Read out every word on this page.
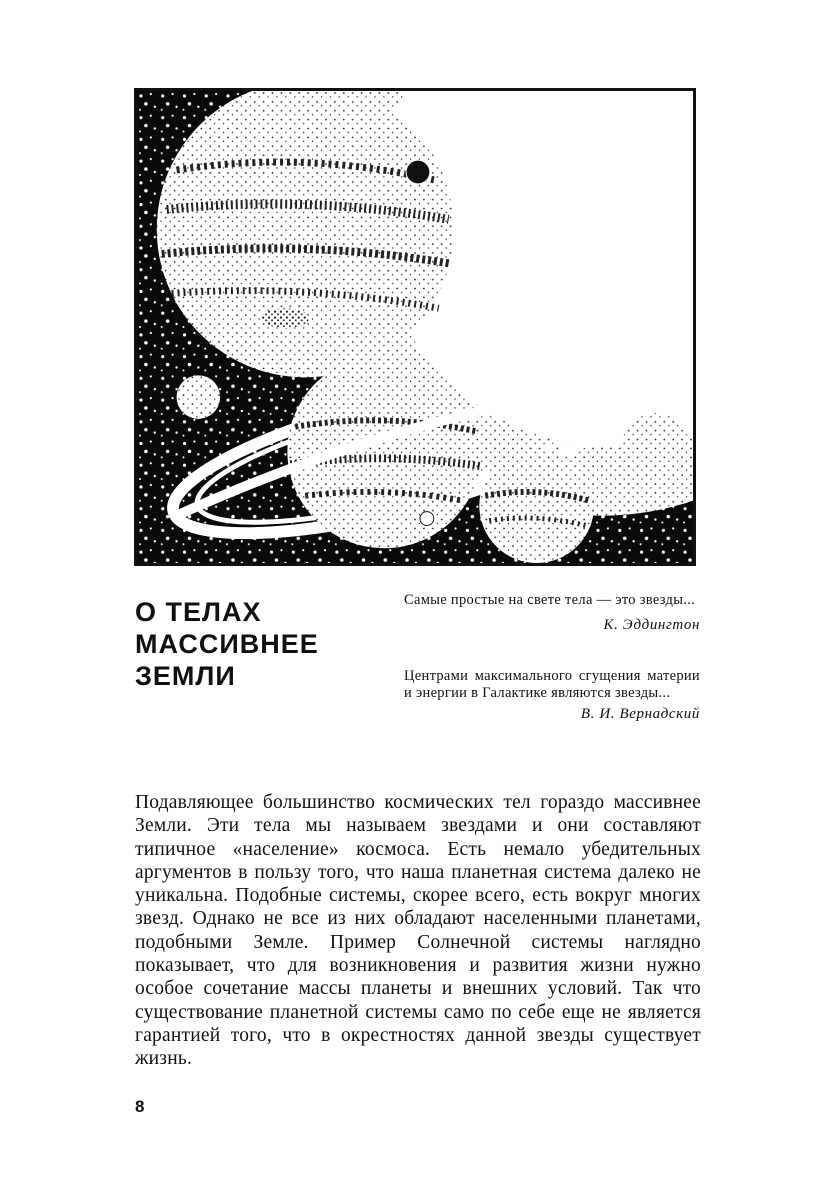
О ТЕЛАХ
МАССИВНЕЕ
ЗЕМЛИ

Самые простые на свете тела — это звезды...

К. Эддингтон

Центрами максимального сгущения материи и энергии в Галактике являются звезды...

В. И. Вернадский

Подавляющее большинство космических тел гораздо массивнее Земли. Эти тела мы называем звездами и они составляют типичное «население» космоса. Есть немало убедительных аргументов в пользу того, что наша планетная система далеко не уникальна. Подобные системы, скорее всего, есть вокруг многих звезд. Однако не все из них обладают населенными планетами, подобными Земле. Пример Солнечной системы наглядно показывает, что для возникновения и развития жизни нужно особое сочетание массы планеты и внешних условий. Так что существование планетной системы само по себе еще не является гарантией того, что в окрестностях данной звезды существует жизнь.

8
